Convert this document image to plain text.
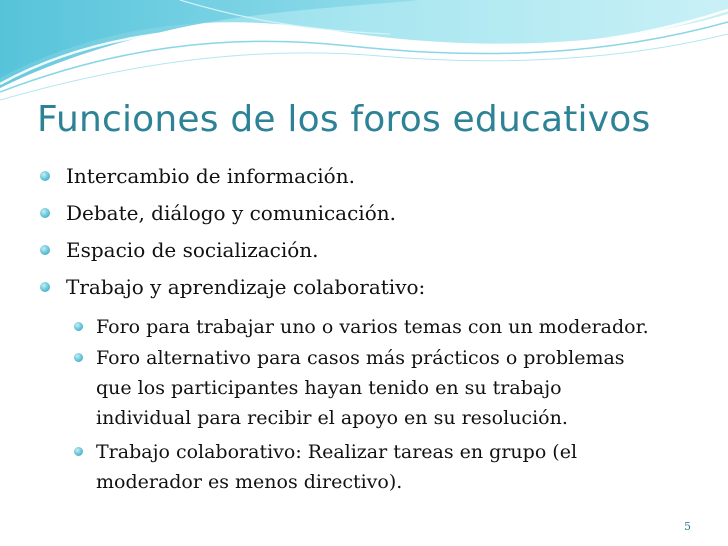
Funciones de los foros educativos
Intercambio de información.
Debate, diálogo y comunicación.
Espacio de socialización.
Trabajo y aprendizaje colaborativo:
Foro para trabajar uno o varios temas con un moderador.
Foro alternativo para casos más prácticos o problemas
que los participantes hayan tenido en su trabajo
individual para recibir el apoyo en su resolución.
Trabajo colaborativo: Realizar tareas en grupo (el
moderador es menos directivo).
5
